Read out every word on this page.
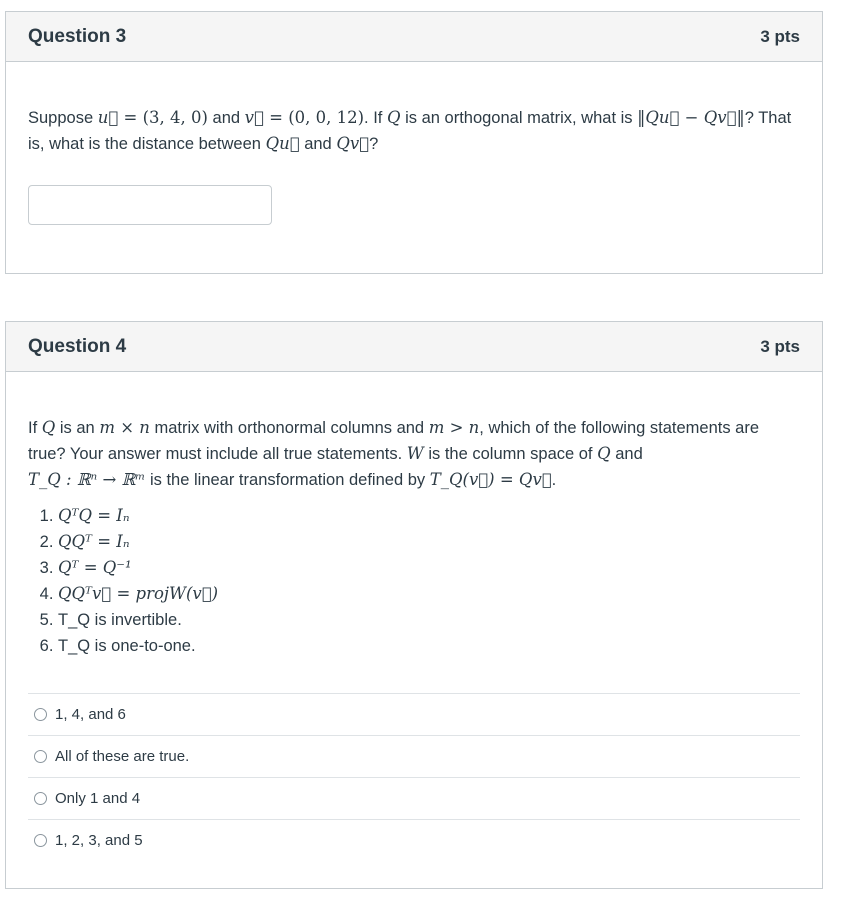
Question 3	3 pts
Suppose u⃗ = (3, 4, 0) and v⃗ = (0, 0, 12). If Q is an orthogonal matrix, what is ‖Qu⃗ − Qv⃗‖? That is, what is the distance between Qu⃗ and Qv⃗?
Question 4	3 pts
If Q is an m × n matrix with orthonormal columns and m > n, which of the following statements are true? Your answer must include all true statements. W is the column space of Q and
T_Q : ℝⁿ → ℝᵐ is the linear transformation defined by T_Q(v⃗) = Qv⃗.
1. QᵀQ = Iₙ
2. QQᵀ = Iₙ
3. Qᵀ = Q⁻¹
4. QQᵀv⃗ = projW(v⃗)
5. T_Q is invertible.
6. T_Q is one-to-one.
1, 4, and 6
All of these are true.
Only 1 and 4
1, 2, 3, and 5
